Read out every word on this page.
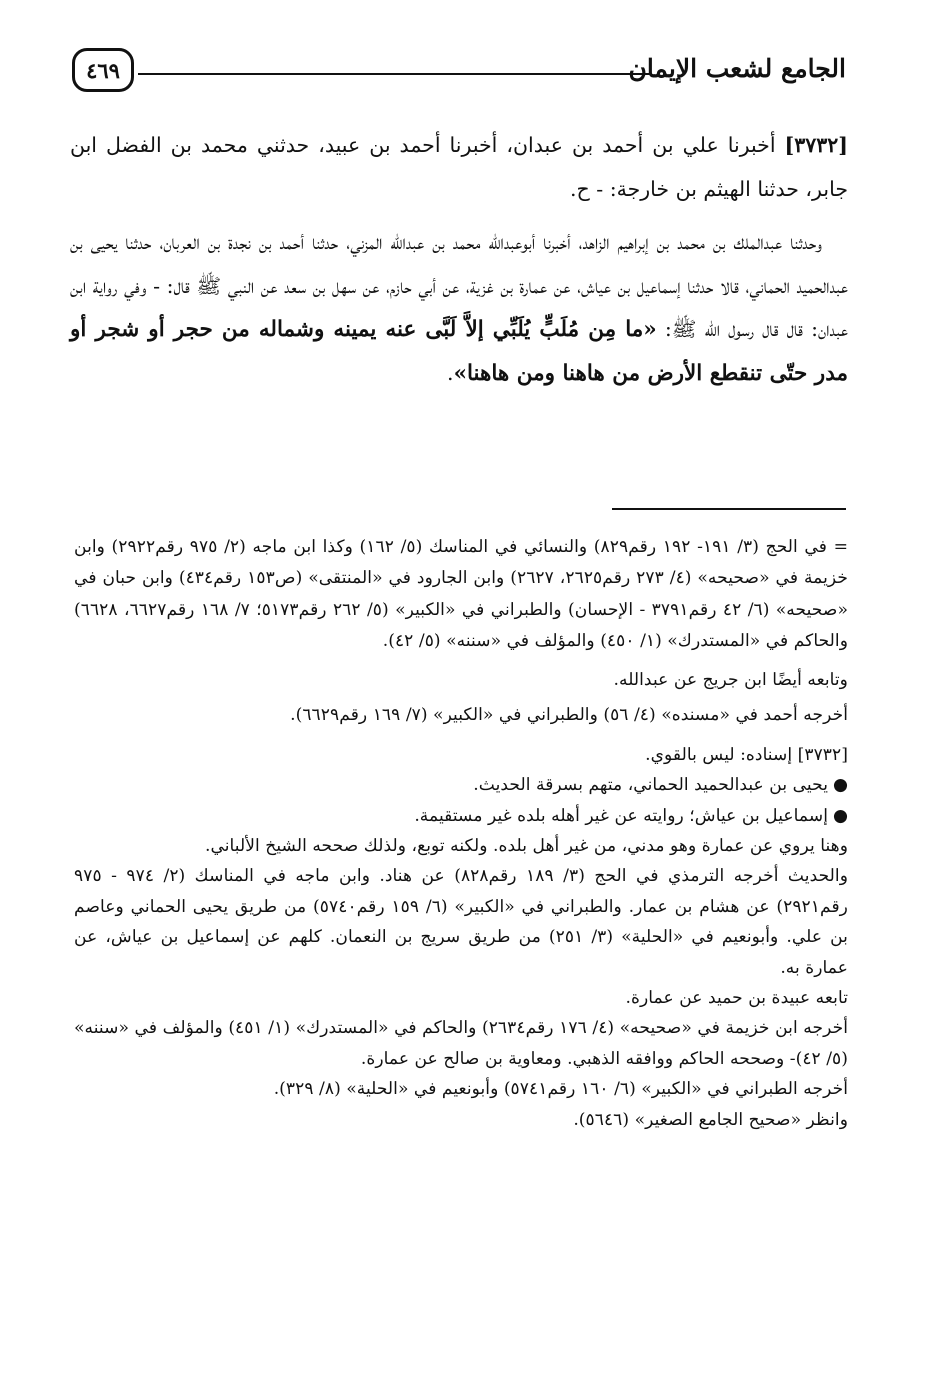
الجامع لشعب الإيمان
٤٦٩

[٣٧٣٢] أخبرنا علي بن أحمد بن عبدان، أخبرنا أحمد بن عبيد، حدثني محمد بن الفضل ابن جابر، حدثنا الهيثم بن خارجة: - ح.

وحدثنا عبدالملك بن محمد بن إبراهيم الزاهد، أخبرنا أبوعبدالله محمد بن عبدالله المزني، حدثنا أحمد بن نجدة بن العربان، حدثنا يحيى بن عبدالحميد الحماني، قالا حدثنا إسماعيل بن عياش، عن عمارة بن غزية، عن أبي حازم، عن سهل بن سعد عن النبي ﷺ قال: - وفي رواية ابن عبدان: قال قال رسول الله ﷺ: «ما مِن مُلَبٍّ يُلَبِّي إلاَّ لَبَّى عنه يمينه وشماله من حجر أو شجر أو مدر حتّى تنقطع الأرض من هاهنا ومن هاهنا».

= في الحج (٣/ ١٩١- ١٩٢ رقم٨٢٩) والنسائي في المناسك (٥/ ١٦٢) وكذا ابن ماجه (٢/ ٩٧٥ رقم٢٩٢٢) وابن خزيمة في «صحيحه» (٤/ ٢٧٣ رقم٢٦٢٥، ٢٦٢٧) وابن الجارود في «المنتقى» (ص١٥٣ رقم٤٣٤) وابن حبان في «صحيحه» (٦/ ٤٢ رقم٣٧٩١ - الإحسان) والطبراني في «الكبير» (٥/ ٢٦٢ رقم٥١٧٣؛ ٧/ ١٦٨ رقم٦٦٢٧، ٦٦٢٨) والحاكم في «المستدرك» (١/ ٤٥٠) والمؤلف في «سننه» (٥/ ٤٢).

وتابعه أيضًا ابن جريج عن عبدالله.

أخرجه أحمد في «مسنده» (٤/ ٥٦) والطبراني في «الكبير» (٧/ ١٦٩ رقم٦٦٢٩).

[٣٧٣٢] إسناده: ليس بالقوي.

●يحيى بن عبدالحميد الحماني، متهم بسرقة الحديث.

●إسماعيل بن عياش؛ روايته عن غير أهله بلده غير مستقيمة.

وهنا يروي عن عمارة وهو مدني، من غير أهل بلده. ولكنه توبع، ولذلك صححه الشيخ الألباني.

والحديث أخرجه الترمذي في الحج (٣/ ١٨٩ رقم٨٢٨) عن هناد. وابن ماجه في المناسك (٢/ ٩٧٤ - ٩٧٥ رقم٢٩٢١) عن هشام بن عمار. والطبراني في «الكبير» (٦/ ١٥٩ رقم٥٧٤٠) من طريق يحيى الحماني وعاصم بن علي. وأبونعيم في «الحلية» (٣/ ٢٥١) من طريق سريج بن النعمان. كلهم عن إسماعيل بن عياش، عن عمارة به.

تابعه عبيدة بن حميد عن عمارة.

أخرجه ابن خزيمة في «صحيحه» (٤/ ١٧٦ رقم٢٦٣٤) والحاكم في «المستدرك» (١/ ٤٥١) والمؤلف في «سننه» (٥/ ٤٢)- وصححه الحاكم ووافقه الذهبي. ومعاوية بن صالح عن عمارة.

أخرجه الطبراني في «الكبير» (٦/ ١٦٠ رقم٥٧٤١) وأبونعيم في «الحلية» (٨/ ٣٢٩).

وانظر «صحيح الجامع الصغير» (٥٦٤٦).
